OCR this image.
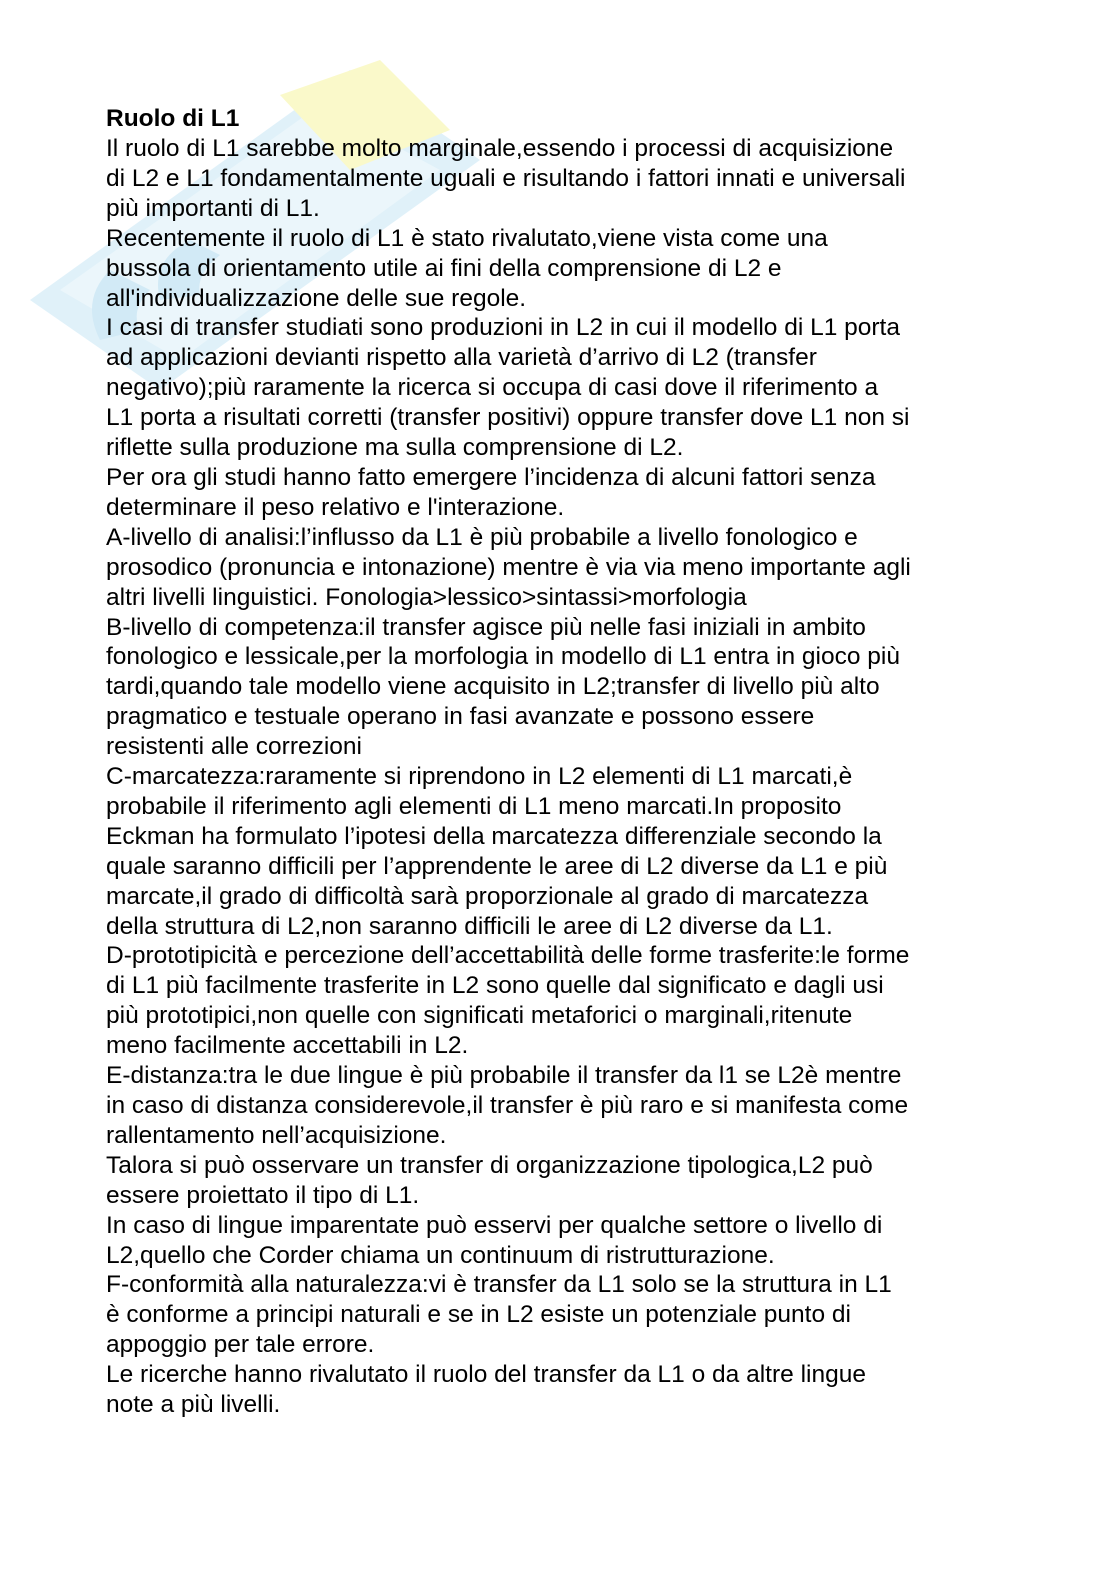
Ruolo di L1

Il ruolo di L1 sarebbe molto marginale,essendo i processi di acquisizione

di L2 e L1 fondamentalmente uguali e risultando i fattori innati e universali

più importanti di L1.

Recentemente il ruolo di L1 è stato rivalutato,viene vista come una

bussola di orientamento utile ai fini della comprensione di L2 e

all'individualizzazione delle sue regole.

I casi di transfer studiati sono produzioni in L2 in cui il modello di L1 porta

ad applicazioni devianti rispetto alla varietà d’arrivo di L2 (transfer

negativo);più raramente la ricerca si occupa di casi dove il riferimento a

L1 porta a risultati corretti (transfer positivi) oppure transfer dove L1 non si

riflette sulla produzione ma sulla comprensione di L2.

Per ora gli studi hanno fatto emergere l’incidenza di alcuni fattori senza

determinare il peso relativo e l'interazione.

A-livello di analisi:l’influsso da L1 è più probabile a livello fonologico e

prosodico (pronuncia e intonazione) mentre è via via meno importante agli

altri livelli linguistici. Fonologia>lessico>sintassi>morfologia

B-livello di competenza:il transfer agisce più nelle fasi iniziali in ambito

fonologico e lessicale,per la morfologia in modello di L1 entra in gioco più

tardi,quando tale modello viene acquisito in L2;transfer di livello più alto

pragmatico e testuale operano in fasi avanzate e possono essere

resistenti alle correzioni

C-marcatezza:raramente si riprendono in L2 elementi di L1 marcati,è

probabile il riferimento agli elementi di L1 meno marcati.In proposito

Eckman ha formulato l’ipotesi della marcatezza differenziale secondo la

quale saranno difficili per l’apprendente le aree di L2 diverse da L1 e più

marcate,il grado di difficoltà sarà proporzionale al grado di marcatezza

della struttura di L2,non saranno difficili le aree di L2 diverse da L1.

D-prototipicità e percezione dell’accettabilità delle forme trasferite:le forme

di L1 più facilmente trasferite in L2 sono quelle dal significato e dagli usi

più prototipici,non quelle con significati metaforici o marginali,ritenute

meno facilmente accettabili in L2.

E-distanza:tra le due lingue è più probabile il transfer da l1 se L2è mentre

in caso di distanza considerevole,il transfer è più raro e si manifesta come

rallentamento nell’acquisizione.

Talora si può osservare un transfer di organizzazione tipologica,L2 può

essere proiettato il tipo di L1.

In caso di lingue imparentate può esservi per qualche settore o livello di

L2,quello che Corder chiama un continuum di ristrutturazione.

F-conformità alla naturalezza:vi è transfer da L1 solo se la struttura in L1

è conforme a principi naturali e se in L2 esiste un potenziale punto di

appoggio per tale errore.

Le ricerche hanno rivalutato il ruolo del transfer da L1 o da altre lingue

note a più livelli.
